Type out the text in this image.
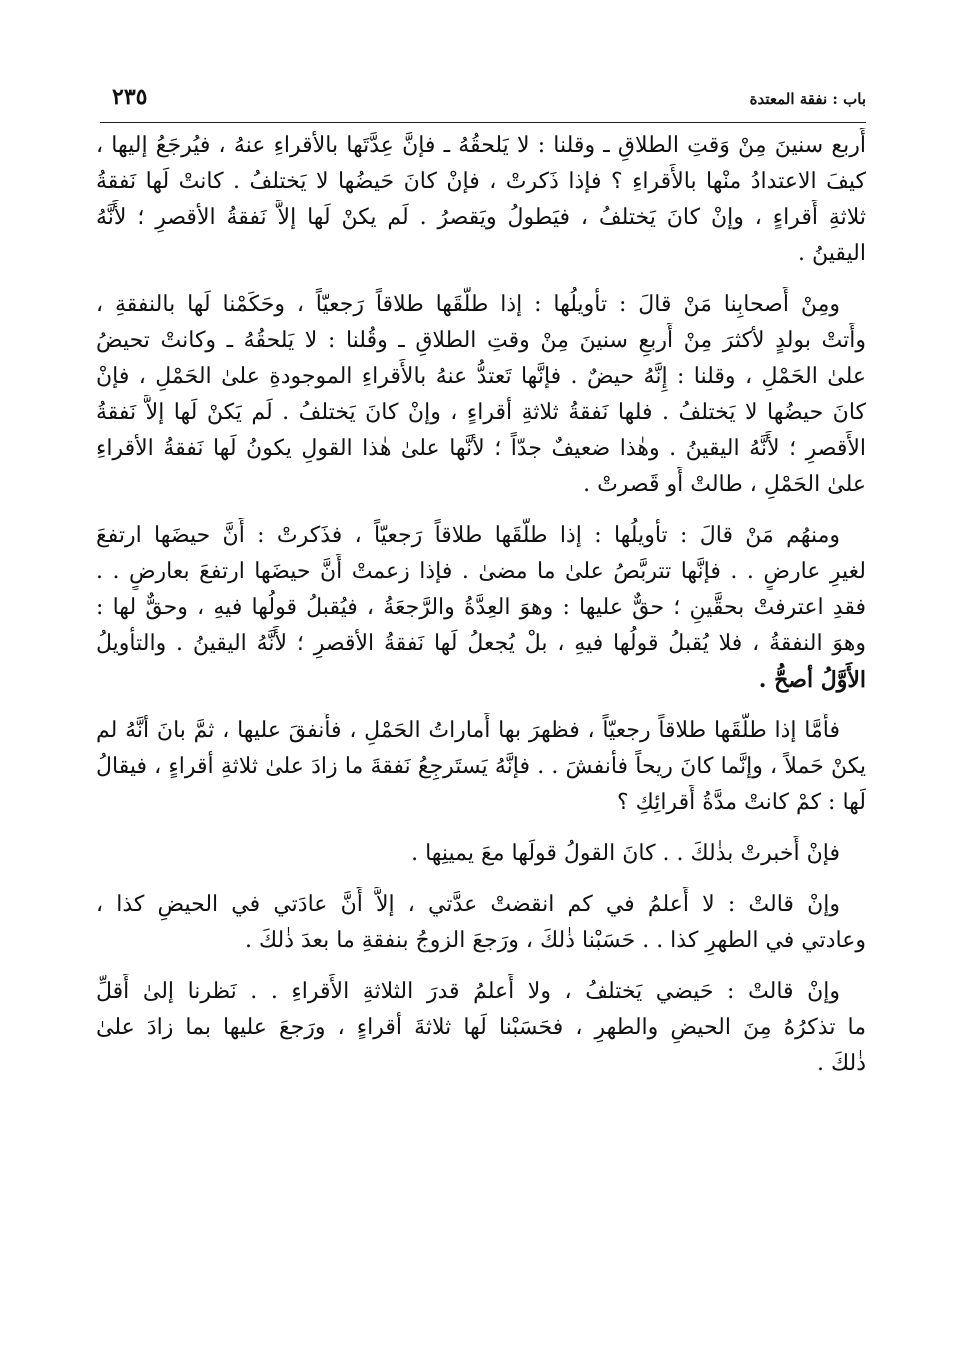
باب : نفقة المعتدة
٢٣٥
أَربع سنينَ مِنْ وَقتِ الطلاقِ ـ وقلنا : لا يَلحقُهُ ـ فإنَّ عِدَّتَها بالأقراءِ عنهُ ، فيُرجَعُ إليها ،
كيفَ الاعتدادُ منْها بالأَقراءِ ؟ فإذا ذَكرتْ ، فإنْ كانَ حَيضُها لا يَختلفُ . كانتْ لَها نَفقةُ
ثلاثةِ أَقراءٍ ، وإنْ كانَ يَختلفُ ، فيَطولُ ويَقصرُ . لَم يكنْ لَها إلاَّ نَفقةُ الأقصرِ ؛ لأَنَّهُ
اليقينُ .
ومِنْ أَصحابِنا مَنْ قالَ : تأويلُها : إذا طلَّقَها طلاقاً رَجعيّاً ، وحَكَمْنا لَها بالنفقةِ ،
وأَتتْ بولدٍ لأكثرَ مِنْ أَربعِ سنينَ مِنْ وقتِ الطلاقِ ـ وقُلنا : لا يَلحقُهُ ـ وكانتْ تحيضُ
علىٰ الحَمْلِ ، وقلنا : إِنَّهُ حيضٌ . فإنَّها تَعتدُّ عنهُ بالأَقراءِ الموجودةِ علىٰ الحَمْلِ ، فإنْ
كانَ حيضُها لا يَختلفُ . فلها نَفقةُ ثلاثةِ أقراءٍ ، وإنْ كانَ يَختلفُ . لَم يَكنْ لَها إلاَّ نَفقةُ
الأَقصرِ ؛ لأَنَّهُ اليقينُ . وهٰذا ضعيفٌ جدّاً ؛ لأنَّها علىٰ هٰذا القولِ يكونُ لَها نَفقةُ الأقراءِ
علىٰ الحَمْلِ ، طالتْ أَو قَصرتْ .
ومنهُم مَنْ قالَ : تأويلُها : إذا طلَّقَها طلاقاً رَجعيّاً ، فذَكرتْ : أَنَّ حيضَها ارتفعَ
لغيرِ عارضٍ . . فإنَّها تتربَّصُ علىٰ ما مضىٰ . فإذا زعمتْ أَنَّ حيضَها ارتفعَ بعارضٍ . .
فقدِ اعترفتْ بحقَّينِ ؛ حقٌّ عليها : وهوَ العِدَّةُ والرَّجعَةُ ، فيُقبلُ قولُها فيهِ ، وحقٌّ لها :
وهوَ النفقةُ ، فلا يُقبلُ قولُها فيهِ ، بلْ يُجعلُ لَها نَفقةُ الأقصرِ ؛ لأَنَّهُ اليقينُ . والتأويلُ
الأَوَّلُ أصحُّ .
فأَمَّا إذا طلَّقَها طلاقاً رجعيّاً ، فظهرَ بها أَماراتُ الحَمْلِ ، فأَنفقَ عليها ، ثمَّ بانَ أنَّهُ لم
يكنْ حَملاً ، وإنَّما كانَ ريحاً فأنفشَ . . فإنَّهُ يَستَرجِعُ نَفقةَ ما زادَ علىٰ ثلاثةِ أقراءٍ ، فيقالُ
لَها : كمْ كانتْ مدَّةُ أَقرائِكِ ؟
فإنْ أَخبرتْ بذٰلكَ . . كانَ القولُ قولَها معَ يمينِها .
وإنْ قالتْ : لا أَعلمُ في كم انقضتْ عدَّتي ، إلاَّ أَنَّ عادَتي في الحيضِ كذا ،
وعادتي في الطهرِ كذا . . حَسَبْنا ذٰلكَ ، ورَجعَ الزوجُ بنفقةِ ما بعدَ ذٰلكَ .
وإنْ قالتْ : حَيضي يَختلفُ ، ولا أَعلمُ قدرَ الثلاثةِ الأَقراءِ . . نَظرنا إلىٰ أَقلِّ
ما تذكرُهُ مِنَ الحيضِ والطهرِ ، فحَسَبْنا لَها ثلاثةَ أقراءٍ ، ورَجعَ عليها بما زادَ علىٰ
ذٰلكَ .
